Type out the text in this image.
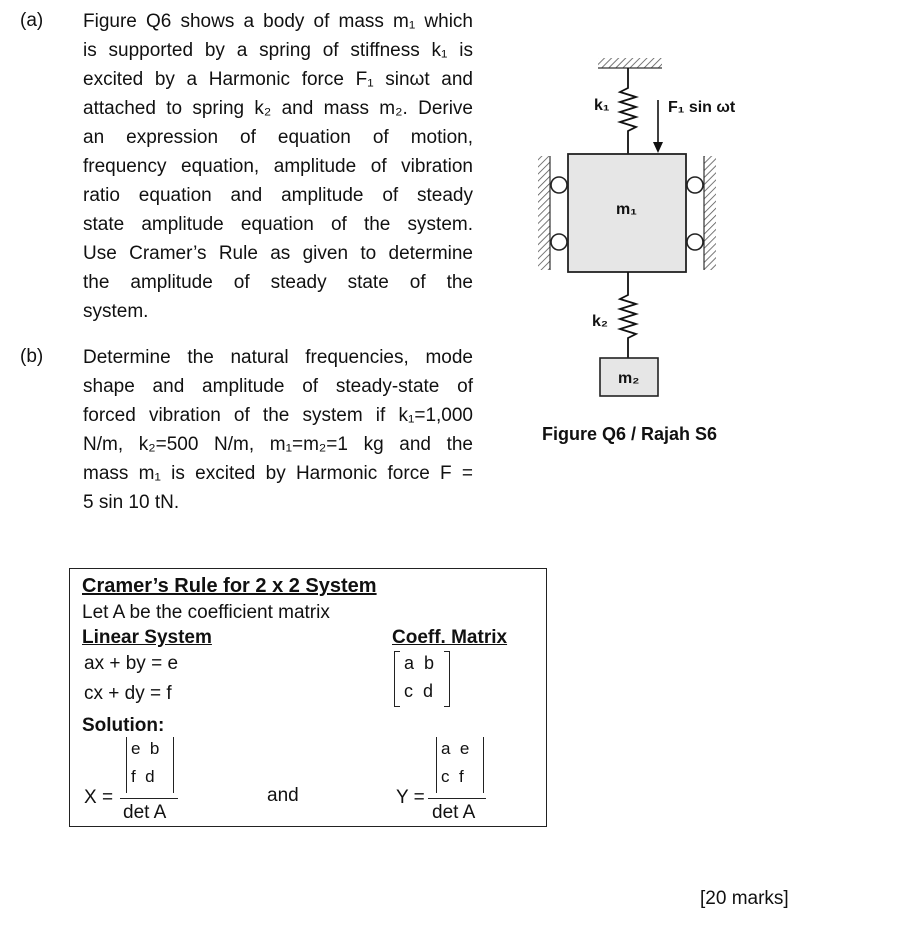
(a) Figure Q6 shows a body of mass m₁ which

is supported by a spring of stiffness k₁ is

excited by a Harmonic force F₁ sinωt and

attached to spring k₂ and mass m₂. Derive

an expression of equation of motion,

frequency equation, amplitude of vibration

ratio equation and amplitude of steady

state amplitude equation of the system.

Use Cramer’s Rule as given to determine

the amplitude of steady state of the

system.

(b) Determine the natural frequencies, mode

shape and amplitude of steady-state of

forced vibration of the system if k₁=1,000

N/m, k₂=500 N/m, m₁=m₂=1 kg and the

mass m₁ is excited by Harmonic force F =

5 sin 10 tN.

k₁	F₁ sin ωt
m₁
k₂
m₂
Figure Q6 / Rajah S6
Cramer’s Rule for 2 x 2 System
Let A be the coefficient matrix
Linear System	Coeff. Matrix
ax + by = e
cx + dy = f
a  b
c  d
Solution:
X =
e  b
f  d
det A
and	Y =
a  e
c  f
det A
[20 marks]
